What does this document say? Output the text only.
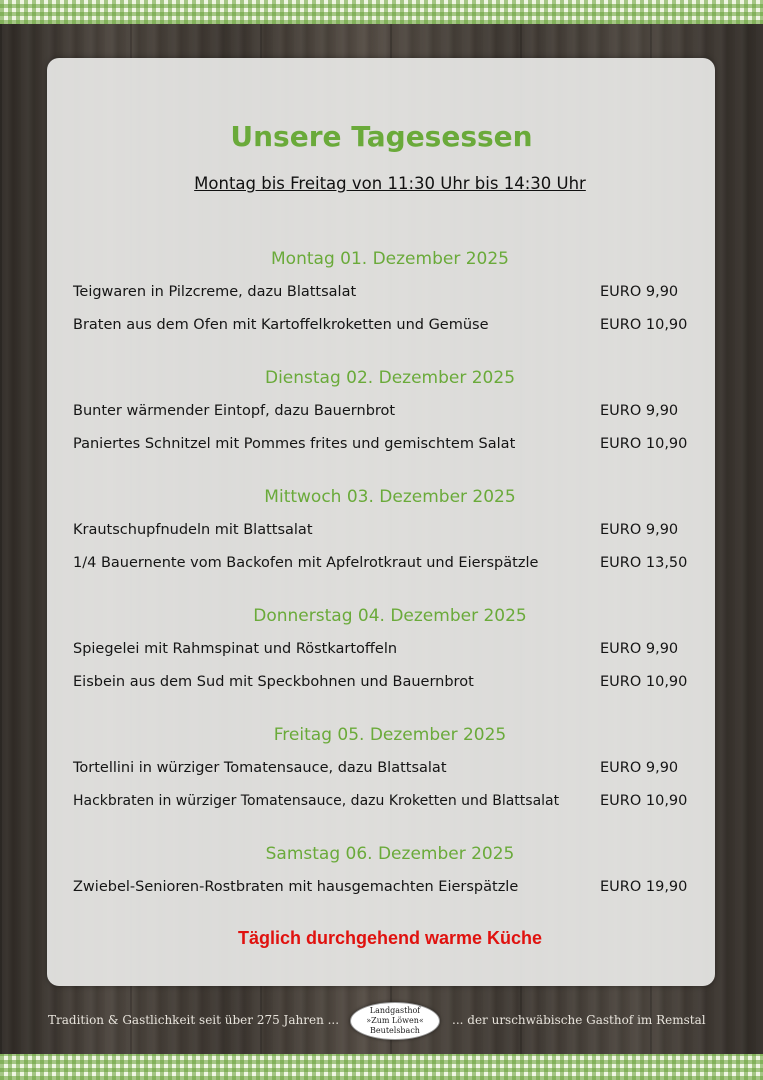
Unsere Tagesessen
Montag bis Freitag von 11:30 Uhr bis 14:30 Uhr
Montag 01. Dezember 2025
Teigwaren in Pilzcreme, dazu Blattsalat	EURO 9,90
Braten aus dem Ofen mit Kartoffelkroketten und Gemüse	EURO 10,90
Dienstag 02. Dezember 2025
Bunter wärmender Eintopf, dazu Bauernbrot	EURO 9,90
Paniertes Schnitzel mit Pommes frites und gemischtem Salat	EURO 10,90
Mittwoch 03. Dezember 2025
Krautschupfnudeln mit Blattsalat	EURO 9,90
1/4 Bauernente vom Backofen mit Apfelrotkraut und Eierspätzle	EURO 13,50
Donnerstag 04. Dezember 2025
Spiegelei mit Rahmspinat und Röstkartoffeln	EURO 9,90
Eisbein aus dem Sud mit Speckbohnen und Bauernbrot	EURO 10,90
Freitag 05. Dezember 2025
Tortellini in würziger Tomatensauce, dazu Blattsalat	EURO 9,90
Hackbraten in würziger Tomatensauce, dazu Kroketten und Blattsalat	EURO 10,90
Samstag 06. Dezember 2025
Zwiebel-Senioren-Rostbraten mit hausgemachten Eierspätzle	EURO 19,90
Täglich durchgehend warme Küche
Tradition & Gastlichkeit seit über 275 Jahren ...
Landgasthof
»Zum Löwen«
Beutelsbach
... der urschwäbische Gasthof im Remstal
